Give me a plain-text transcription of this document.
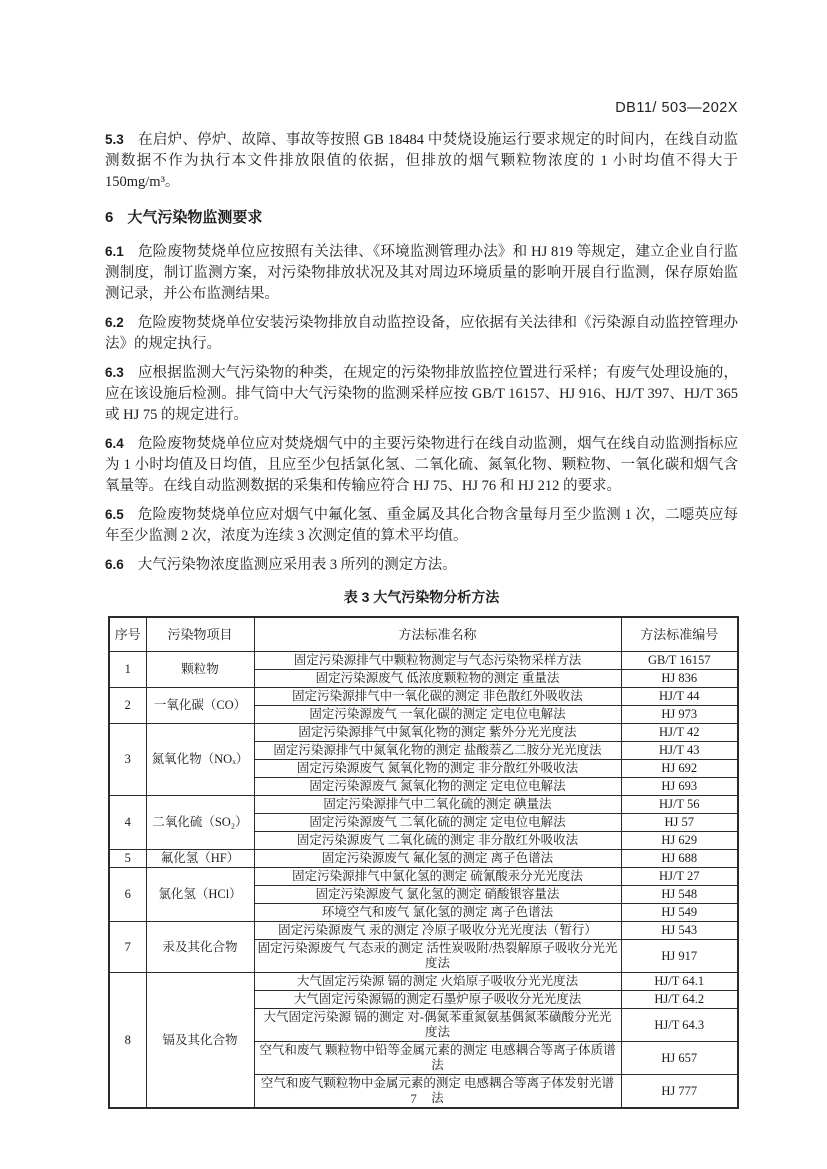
DB11/ 503—202X

5.3 在启炉、停炉、故障、事故等按照 GB 18484 中焚烧设施运行要求规定的时间内，在线自动监测数据不作为执行本文件排放限值的依据，但排放的烟气颗粒物浓度的 1 小时均值不得大于 150mg/m³。

6 大气污染物监测要求

6.1 危险废物焚烧单位应按照有关法律、《环境监测管理办法》和 HJ 819 等规定，建立企业自行监测制度，制订监测方案，对污染物排放状况及其对周边环境质量的影响开展自行监测，保存原始监测记录，并公布监测结果。

6.2 危险废物焚烧单位安装污染物排放自动监控设备，应依据有关法律和《污染源自动监控管理办法》的规定执行。

6.3 应根据监测大气污染物的种类，在规定的污染物排放监控位置进行采样；有废气处理设施的，应在该设施后检测。排气筒中大气污染物的监测采样应按 GB/T 16157、HJ 916、HJ/T 397、HJ/T 365 或 HJ 75 的规定进行。

6.4 危险废物焚烧单位应对焚烧烟气中的主要污染物进行在线自动监测，烟气在线自动监测指标应为 1 小时均值及日均值，且应至少包括氯化氢、二氧化硫、氮氧化物、颗粒物、一氧化碳和烟气含氧量等。在线自动监测数据的采集和传输应符合 HJ 75、HJ 76 和 HJ 212 的要求。

6.5 危险废物焚烧单位应对烟气中氟化氢、重金属及其化合物含量每月至少监测 1 次，二噁英应每年至少监测 2 次，浓度为连续 3 次测定值的算术平均值。

6.6 大气污染物浓度监测应采用表 3 所列的测定方法。

表 3 大气污染物分析方法
序号	污染物项目	方法标准名称	方法标准编号
1	颗粒物	固定污染源排气中颗粒物测定与气态污染物采样方法	GB/T 16157
		固定污染源废气 低浓度颗粒物的测定 重量法	HJ 836
2	一氧化碳（CO）	固定污染源排气中一氧化碳的测定 非色散红外吸收法	HJ/T 44
		固定污染源废气 一氧化碳的测定 定电位电解法	HJ 973
3	氮氧化物（NOₓ）	固定污染源排气中氮氧化物的测定 紫外分光光度法	HJ/T 42
		固定污染源排气中氮氧化物的测定 盐酸萘乙二胺分光光度法	HJ/T 43
		固定污染源废气 氮氧化物的测定 非分散红外吸收法	HJ 692
		固定污染源废气 氮氧化物的测定 定电位电解法	HJ 693
4	二氧化硫（SO₂）	固定污染源排气中二氧化硫的测定 碘量法	HJ/T 56
		固定污染源废气 二氧化硫的测定 定电位电解法	HJ 57
		固定污染源废气 二氧化硫的测定 非分散红外吸收法	HJ 629
5	氟化氢（HF）	固定污染源废气 氟化氢的测定 离子色谱法	HJ 688
6	氯化氢（HCl）	固定污染源排气中氯化氢的测定 硫氰酸汞分光光度法	HJ/T 27
		固定污染源废气 氯化氢的测定 硝酸银容量法	HJ 548
		环境空气和废气 氯化氢的测定 离子色谱法	HJ 549
7	汞及其化合物	固定污染源废气 汞的测定 冷原子吸收分光光度法（暂行）	HJ 543
		固定污染源废气 气态汞的测定 活性炭吸附/热裂解原子吸收分光光度法	HJ 917
8	镉及其化合物	大气固定污染源 镉的测定 火焰原子吸收分光光度法	HJ/T 64.1
		大气固定污染源镉的测定石墨炉原子吸收分光光度法	HJ/T 64.2
		大气固定污染源 镉的测定 对-偶氮苯重氮氨基偶氮苯磺酸分光光度法	HJ/T 64.3
		空气和废气 颗粒物中铅等金属元素的测定 电感耦合等离子体质谱法	HJ 657
		空气和废气颗粒物中金属元素的测定 电感耦合等离子体发射光谱法	HJ 777
7
